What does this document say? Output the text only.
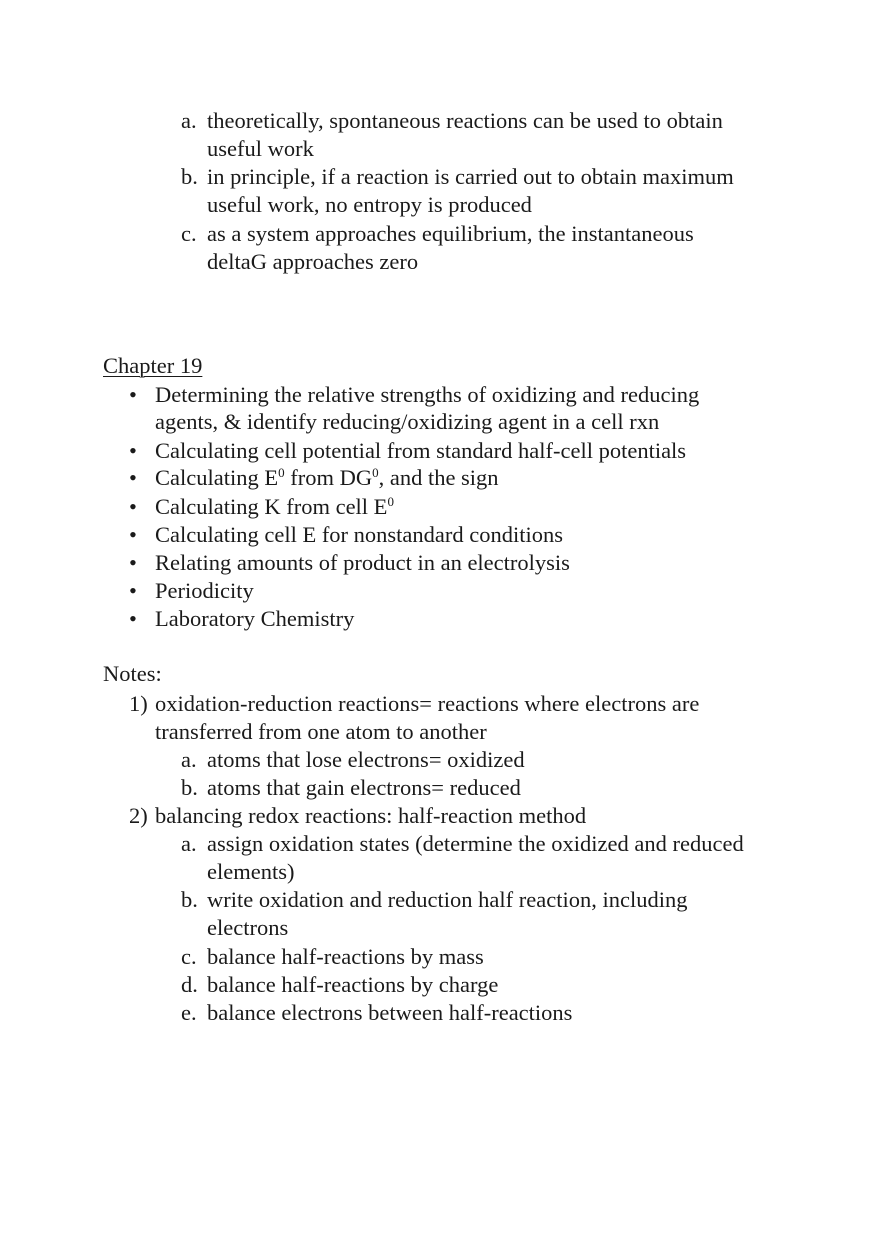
a. theoretically, spontaneous reactions can be used to obtain
useful work
b. in principle, if a reaction is carried out to obtain maximum
useful work, no entropy is produced
c. as a system approaches equilibrium, the instantaneous
deltaG approaches zero
Chapter 19
• Determining the relative strengths of oxidizing and reducing
agents, & identify reducing/oxidizing agent in a cell rxn
• Calculating cell potential from standard half-cell potentials
• Calculating $E^0$ from $DG^0$, and the sign
• Calculating K from cell $E^0$
• Calculating cell E for nonstandard conditions
• Relating amounts of product in an electrolysis
• Periodicity
• Laboratory Chemistry
Notes:
1) oxidation-reduction reactions= reactions where electrons are
transferred from one atom to another
a. atoms that lose electrons= oxidized
b. atoms that gain electrons= reduced
2) balancing redox reactions: half-reaction method
a. assign oxidation states (determine the oxidized and reduced
elements)
b. write oxidation and reduction half reaction, including
electrons
c. balance half-reactions by mass
d. balance half-reactions by charge
e. balance electrons between half-reactions
